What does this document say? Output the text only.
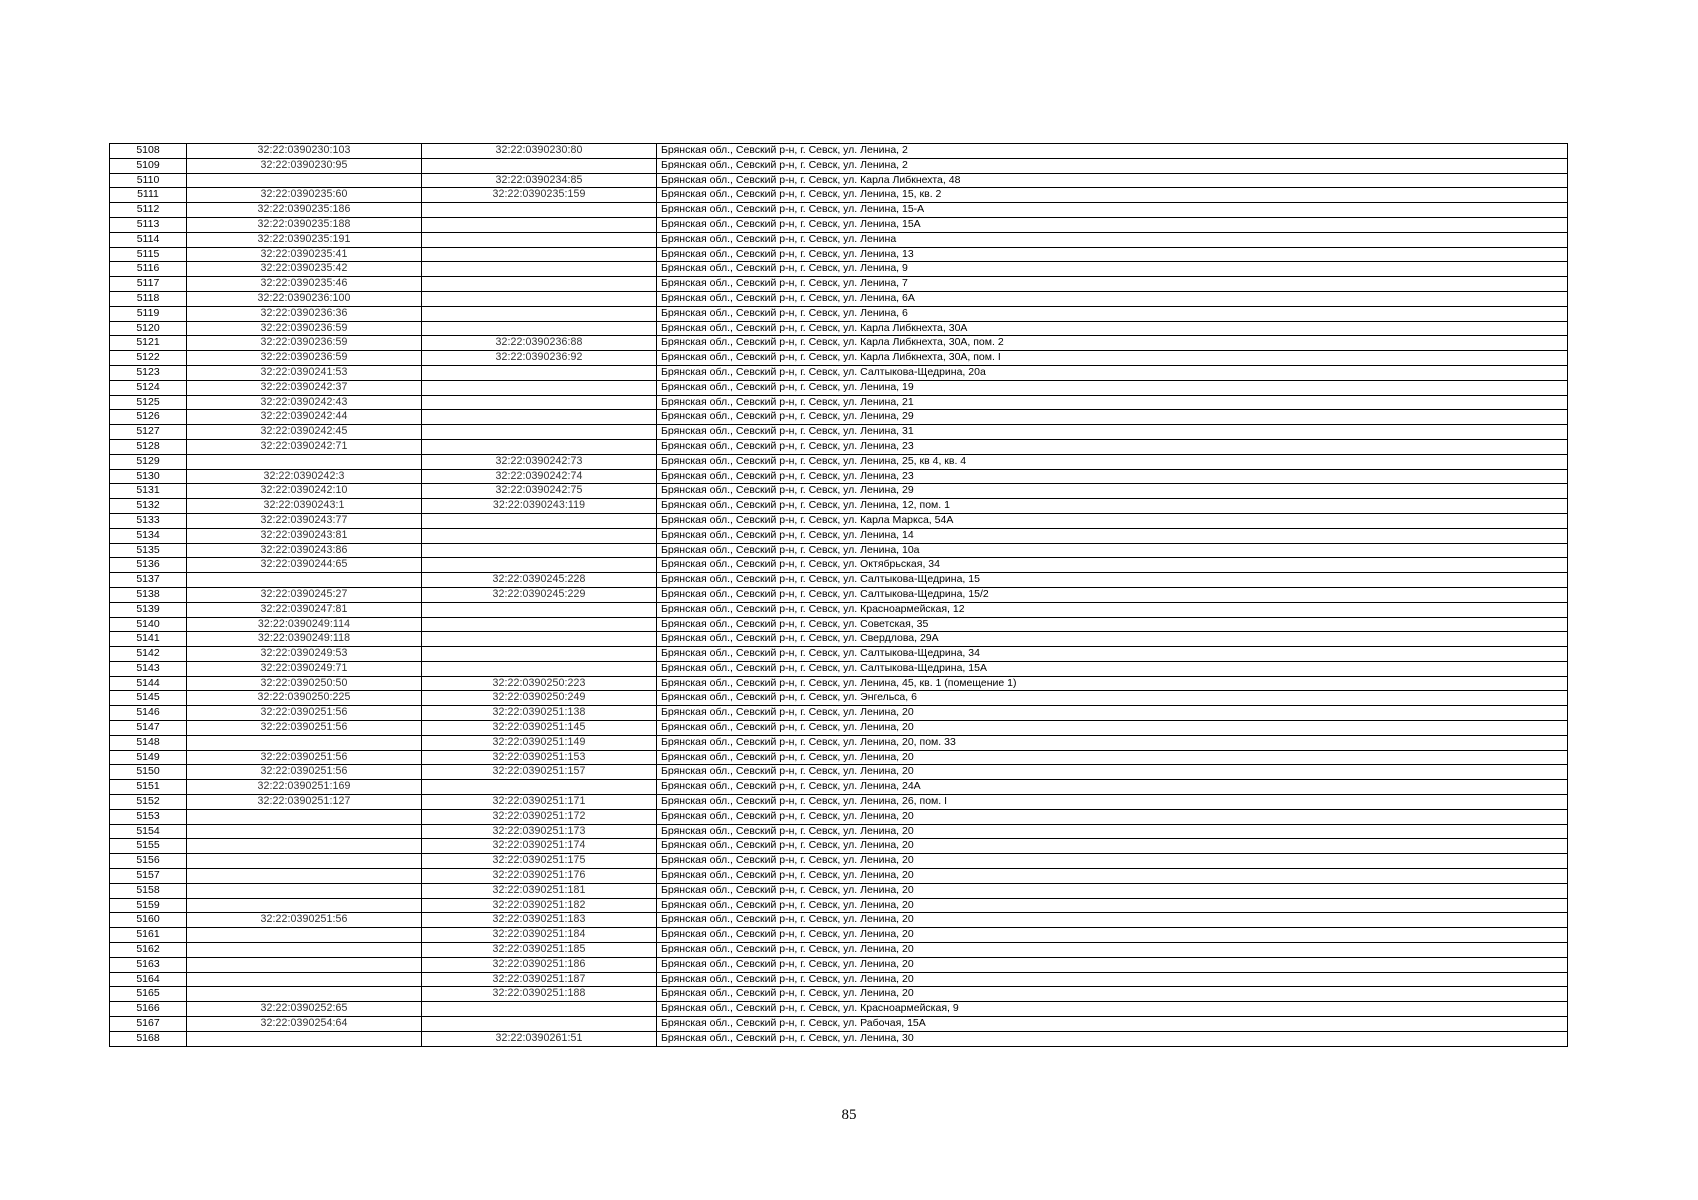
5108	32:22:0390230:103	32:22:0390230:80	Брянская обл., Севский р-н, г. Севск, ул. Ленина, 2
5109	32:22:0390230:95		Брянская обл., Севский р-н, г. Севск, ул. Ленина, 2
5110		32:22:0390234:85	Брянская обл., Севский р-н, г. Севск, ул. Карла Либкнехта, 48
5111	32:22:0390235:60	32:22:0390235:159	Брянская обл., Севский р-н, г. Севск, ул. Ленина, 15, кв. 2
5112	32:22:0390235:186		Брянская обл., Севский р-н, г. Севск, ул. Ленина, 15-А
5113	32:22:0390235:188		Брянская обл., Севский р-н, г. Севск, ул. Ленина, 15А
5114	32:22:0390235:191		Брянская обл., Севский р-н, г. Севск, ул. Ленина
5115	32:22:0390235:41		Брянская обл., Севский р-н, г. Севск, ул. Ленина, 13
5116	32:22:0390235:42		Брянская обл., Севский р-н, г. Севск, ул. Ленина, 9
5117	32:22:0390235:46		Брянская обл., Севский р-н, г. Севск, ул. Ленина, 7
5118	32:22:0390236:100		Брянская обл., Севский р-н, г. Севск, ул. Ленина, 6А
5119	32:22:0390236:36		Брянская обл., Севский р-н, г. Севск, ул. Ленина, 6
5120	32:22:0390236:59		Брянская обл., Севский р-н, г. Севск, ул. Карла Либкнехта, 30А
5121	32:22:0390236:59	32:22:0390236:88	Брянская обл., Севский р-н, г. Севск, ул. Карла Либкнехта, 30А, пом. 2
5122	32:22:0390236:59	32:22:0390236:92	Брянская обл., Севский р-н, г. Севск, ул. Карла Либкнехта, 30А, пом. I
5123	32:22:0390241:53		Брянская обл., Севский р-н, г. Севск, ул. Салтыкова-Щедрина, 20а
5124	32:22:0390242:37		Брянская обл., Севский р-н, г. Севск, ул. Ленина, 19
5125	32:22:0390242:43		Брянская обл., Севский р-н, г. Севск, ул. Ленина, 21
5126	32:22:0390242:44		Брянская обл., Севский р-н, г. Севск, ул. Ленина, 29
5127	32:22:0390242:45		Брянская обл., Севский р-н, г. Севск, ул. Ленина, 31
5128	32:22:0390242:71		Брянская обл., Севский р-н, г. Севск, ул. Ленина, 23
5129		32:22:0390242:73	Брянская обл., Севский р-н, г. Севск, ул. Ленина, 25, кв 4, кв. 4
5130	32:22:0390242:3	32:22:0390242:74	Брянская обл., Севский р-н, г. Севск, ул. Ленина, 23
5131	32:22:0390242:10	32:22:0390242:75	Брянская обл., Севский р-н, г. Севск, ул. Ленина, 29
5132	32:22:0390243:1	32:22:0390243:119	Брянская обл., Севский р-н, г. Севск, ул. Ленина, 12, пом. 1
5133	32:22:0390243:77		Брянская обл., Севский р-н, г. Севск, ул. Карла Маркса, 54А
5134	32:22:0390243:81		Брянская обл., Севский р-н, г. Севск, ул. Ленина, 14
5135	32:22:0390243:86		Брянская обл., Севский р-н, г. Севск, ул. Ленина, 10а
5136	32:22:0390244:65		Брянская обл., Севский р-н, г. Севск, ул. Октябрьская, 34
5137		32:22:0390245:228	Брянская обл., Севский р-н, г. Севск, ул. Салтыкова-Щедрина, 15
5138	32:22:0390245:27	32:22:0390245:229	Брянская обл., Севский р-н, г. Севск, ул. Салтыкова-Щедрина, 15/2
5139	32:22:0390247:81		Брянская обл., Севский р-н, г. Севск, ул. Красноармейская, 12
5140	32:22:0390249:114		Брянская обл., Севский р-н, г. Севск, ул. Советская, 35
5141	32:22:0390249:118		Брянская обл., Севский р-н, г. Севск, ул. Свердлова, 29А
5142	32:22:0390249:53		Брянская обл., Севский р-н, г. Севск, ул. Салтыкова-Щедрина, 34
5143	32:22:0390249:71		Брянская обл., Севский р-н, г. Севск, ул. Салтыкова-Щедрина, 15А
5144	32:22:0390250:50	32:22:0390250:223	Брянская обл., Севский р-н, г. Севск, ул. Ленина, 45, кв. 1 (помещение 1)
5145	32:22:0390250:225	32:22:0390250:249	Брянская обл., Севский р-н, г. Севск, ул. Энгельса, 6
5146	32:22:0390251:56	32:22:0390251:138	Брянская обл., Севский р-н, г. Севск, ул. Ленина, 20
5147	32:22:0390251:56	32:22:0390251:145	Брянская обл., Севский р-н, г. Севск, ул. Ленина, 20
5148		32:22:0390251:149	Брянская обл., Севский р-н, г. Севск, ул. Ленина, 20, пом. 33
5149	32:22:0390251:56	32:22:0390251:153	Брянская обл., Севский р-н, г. Севск, ул. Ленина, 20
5150	32:22:0390251:56	32:22:0390251:157	Брянская обл., Севский р-н, г. Севск, ул. Ленина, 20
5151	32:22:0390251:169		Брянская обл., Севский р-н, г. Севск, ул. Ленина, 24А
5152	32:22:0390251:127	32:22:0390251:171	Брянская обл., Севский р-н, г. Севск, ул. Ленина, 26, пом. I
5153		32:22:0390251:172	Брянская обл., Севский р-н, г. Севск, ул. Ленина, 20
5154		32:22:0390251:173	Брянская обл., Севский р-н, г. Севск, ул. Ленина, 20
5155		32:22:0390251:174	Брянская обл., Севский р-н, г. Севск, ул. Ленина, 20
5156		32:22:0390251:175	Брянская обл., Севский р-н, г. Севск, ул. Ленина, 20
5157		32:22:0390251:176	Брянская обл., Севский р-н, г. Севск, ул. Ленина, 20
5158		32:22:0390251:181	Брянская обл., Севский р-н, г. Севск, ул. Ленина, 20
5159		32:22:0390251:182	Брянская обл., Севский р-н, г. Севск, ул. Ленина, 20
5160	32:22:0390251:56	32:22:0390251:183	Брянская обл., Севский р-н, г. Севск, ул. Ленина, 20
5161		32:22:0390251:184	Брянская обл., Севский р-н, г. Севск, ул. Ленина, 20
5162		32:22:0390251:185	Брянская обл., Севский р-н, г. Севск, ул. Ленина, 20
5163		32:22:0390251:186	Брянская обл., Севский р-н, г. Севск, ул. Ленина, 20
5164		32:22:0390251:187	Брянская обл., Севский р-н, г. Севск, ул. Ленина, 20
5165		32:22:0390251:188	Брянская обл., Севский р-н, г. Севск, ул. Ленина, 20
5166	32:22:0390252:65		Брянская обл., Севский р-н, г. Севск, ул. Красноармейская, 9
5167	32:22:0390254:64		Брянская обл., Севский р-н, г. Севск, ул. Рабочая, 15А
5168		32:22:0390261:51	Брянская обл., Севский р-н, г. Севск, ул. Ленина, 30
85
